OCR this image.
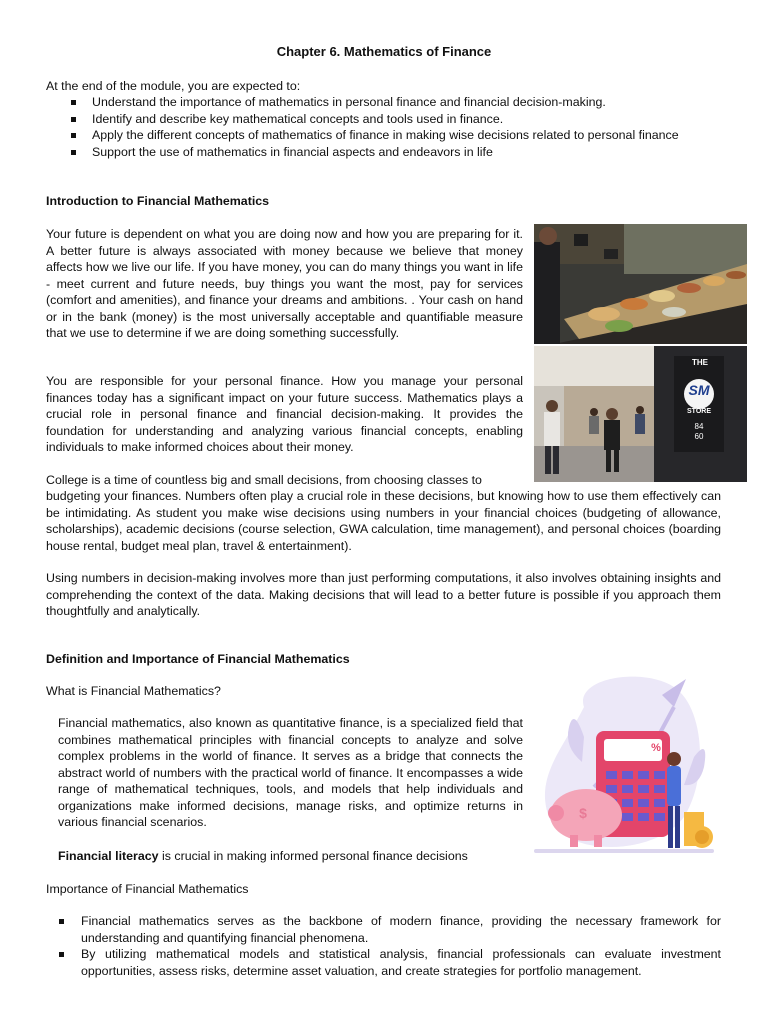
Chapter 6. Mathematics of Finance
At the end of the module, you are expected to:
Understand the importance of mathematics in personal finance and financial decision-making.
Identify and describe key mathematical concepts and tools used in finance.
Apply the different concepts of mathematics of finance in making wise decisions related to personal finance
Support the use of mathematics in financial aspects and endeavors in life
Introduction to Financial Mathematics
Your future is dependent on what you are doing now and how you are preparing for it. A better future is always associated with money because we believe that money affects how we live our life. If you have money, you can do many things you want in life - meet current and future needs, buy things you want the most, pay for services (comfort and amenities), and finance your dreams and ambitions. . Your cash on hand or in the bank (money) is the most universally acceptable and quantifiable measure that we use to determine if we are doing something successfully.
You are responsible for your personal finance. How you manage your personal finances today has a significant impact on your future success. Mathematics plays a crucial role in personal finance and financial decision-making. It provides the foundation for understanding and analyzing various financial concepts, enabling individuals to make informed choices about their money.
College is a time of countless big and small decisions, from choosing classes to
budgeting your finances. Numbers often play a crucial role in these decisions, but knowing how to use them effectively can be intimidating. As student you make wise decisions using numbers in your financial choices (budgeting of allowance, scholarships), academic decisions (course selection, GWA calculation, time management), and personal choices (boarding house rental, budget meal plan, travel & entertainment).
Using numbers in decision-making involves more than just performing computations, it also involves obtaining insights and comprehending the context of the data. Making decisions that will lead to a better future is possible if you approach them thoughtfully and analytically.
THE
SM
STORE
84
60
Definition and Importance of Financial Mathematics
What is Financial Mathematics?
Financial mathematics, also known as quantitative finance, is a specialized field that combines mathematical principles with financial concepts to analyze and solve complex problems in the world of finance. It serves as a bridge that connects the abstract world of numbers with the practical world of finance. It encompasses a wide range of mathematical techniques, tools, and models that help individuals and organizations make informed decisions, manage risks, and optimize returns in various financial scenarios.
Financial literacy is crucial in making informed personal finance decisions
Importance of Financial Mathematics
Financial mathematics serves as the backbone of modern finance, providing the necessary framework for understanding and quantifying financial phenomena.
By utilizing mathematical models and statistical analysis, financial professionals can evaluate investment opportunities, assess risks, determine asset valuation, and create strategies for portfolio management.
%
$
